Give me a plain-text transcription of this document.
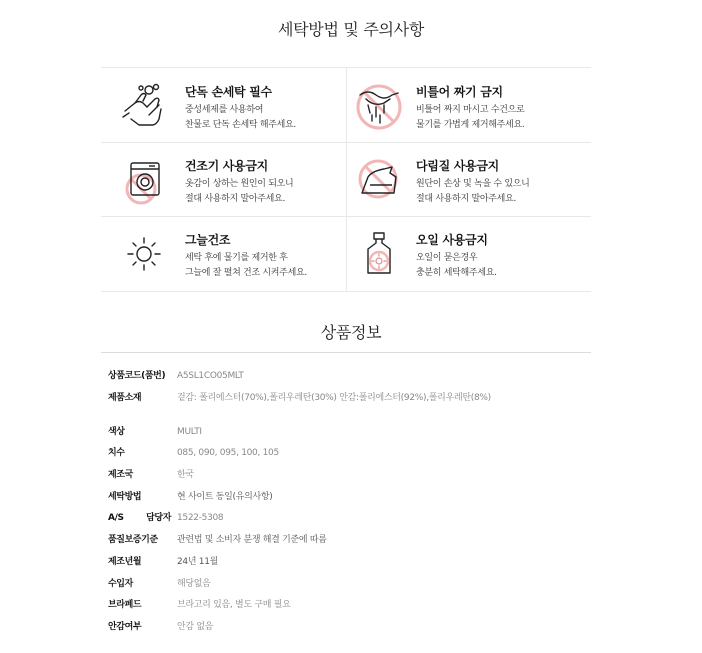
세탁방법 및 주의사항
단독 손세탁 필수
중성세제를 사용하여
찬물로 단독 손세탁 해주세요.
비틀어 짜기 금지
비틀어 짜지 마시고 수건으로
물기를 가볍게 제거해주세요.
건조기 사용금지
옷감이 상하는 원인이 되오니
절대 사용하지 말아주세요.
다림질 사용금지
원단이 손상 및 녹을 수 있으니
절대 사용하지 말아주세요.
그늘건조
세탁 후에 물기를 제거한 후
그늘에 잘 펼쳐 건조 시켜주세요.
오일 사용금지
오일이 묻은경우
충분히 세탁해주세요.
상품정보
상품코드(품번)	A5SL1CO05MLT
제품소재	겉감: 폴리에스터(70%),폴리우레탄(30%) 안감:폴리에스터(92%),폴리우레탄(8%)
색상	MULTI
치수	085, 090, 095, 100, 105
제조국	한국
세탁방법	현 사이트 동일(유의사항)
A/S 담당자 1522-5308
품질보증기준	관련법 및 소비자 분쟁 해결 기준에 따름
제조년월	24년 11월
수입자	해당없음
브라페드	브라고리 있음, 별도 구매 필요
안감여부	안감 없음
